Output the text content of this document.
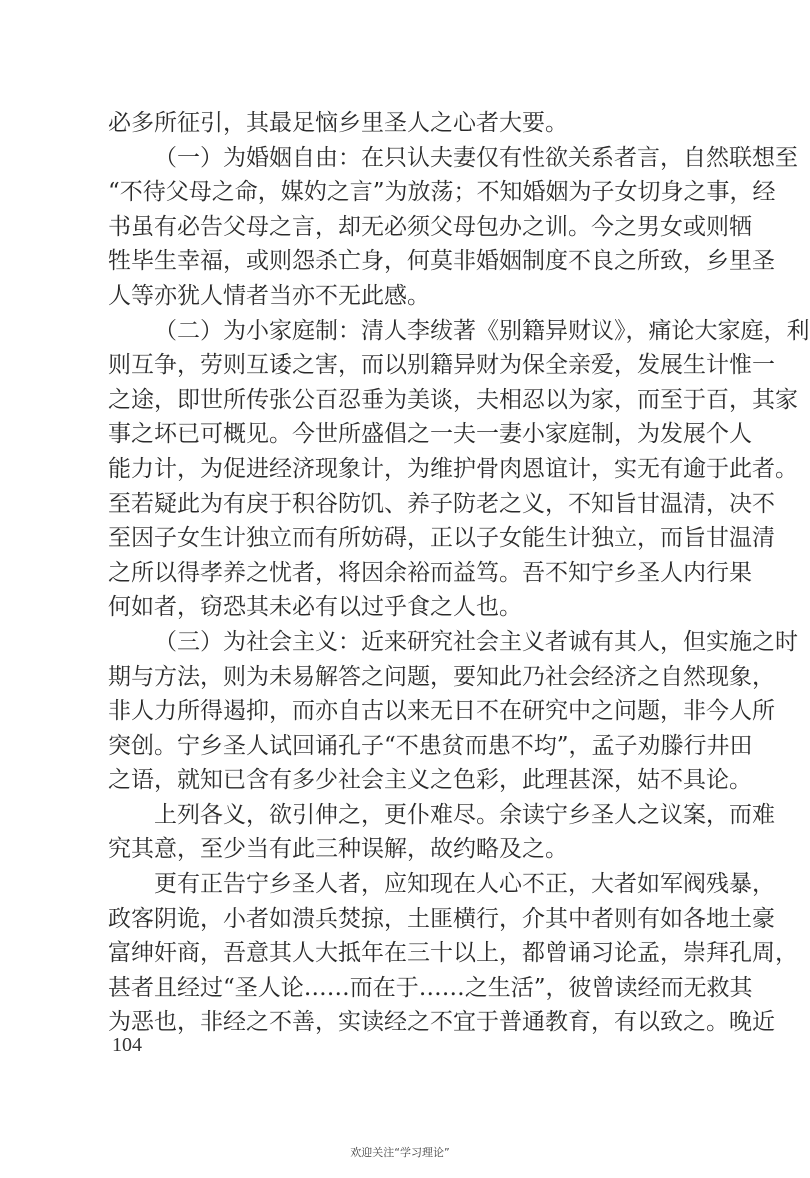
必多所征引，其最足恼乡里圣人之心者大要。
（一）为婚姻自由：在只认夫妻仅有性欲关系者言，自然联想至
“不待父母之命，媒妁之言”为放荡；不知婚姻为子女切身之事，经
书虽有必告父母之言，却无必须父母包办之训。今之男女或则牺
牲毕生幸福，或则怨杀亡身，何莫非婚姻制度不良之所致，乡里圣
人等亦犹人情者当亦不无此感。
（二）为小家庭制：清人李绂著《别籍异财议》，痛论大家庭，利
则互争，劳则互诿之害，而以别籍异财为保全亲爱，发展生计惟一
之途，即世所传张公百忍垂为美谈，夫相忍以为家，而至于百，其家
事之坏已可概见。今世所盛倡之一夫一妻小家庭制，为发展个人
能力计，为促进经济现象计，为维护骨肉恩谊计，实无有逾于此者。
至若疑此为有戾于积谷防饥、养子防老之义，不知旨甘温清，决不
至因子女生计独立而有所妨碍，正以子女能生计独立，而旨甘温清
之所以得孝养之忧者，将因余裕而益笃。吾不知宁乡圣人内行果
何如者，窃恐其未必有以过乎食之人也。
（三）为社会主义：近来研究社会主义者诚有其人，但实施之时
期与方法，则为未易解答之问题，要知此乃社会经济之自然现象，
非人力所得遏抑，而亦自古以来无日不在研究中之问题，非今人所
突创。宁乡圣人试回诵孔子“不患贫而患不均”，孟子劝滕行井田
之语，就知已含有多少社会主义之色彩，此理甚深，姑不具论。
上列各义，欲引伸之，更仆难尽。余读宁乡圣人之议案，而难
究其意，至少当有此三种误解，故约略及之。
更有正告宁乡圣人者，应知现在人心不正，大者如军阀残暴，
政客阴诡，小者如溃兵焚掠，土匪横行，介其中者则有如各地土豪
富绅奸商，吾意其人大抵年在三十以上，都曾诵习论孟，崇拜孔周，
甚者且经过“圣人论……而在于……之生活”，彼曾读经而无救其
为恶也，非经之不善，实读经之不宜于普通教育，有以致之。晚近
104
欢迎关注“学习理论”
